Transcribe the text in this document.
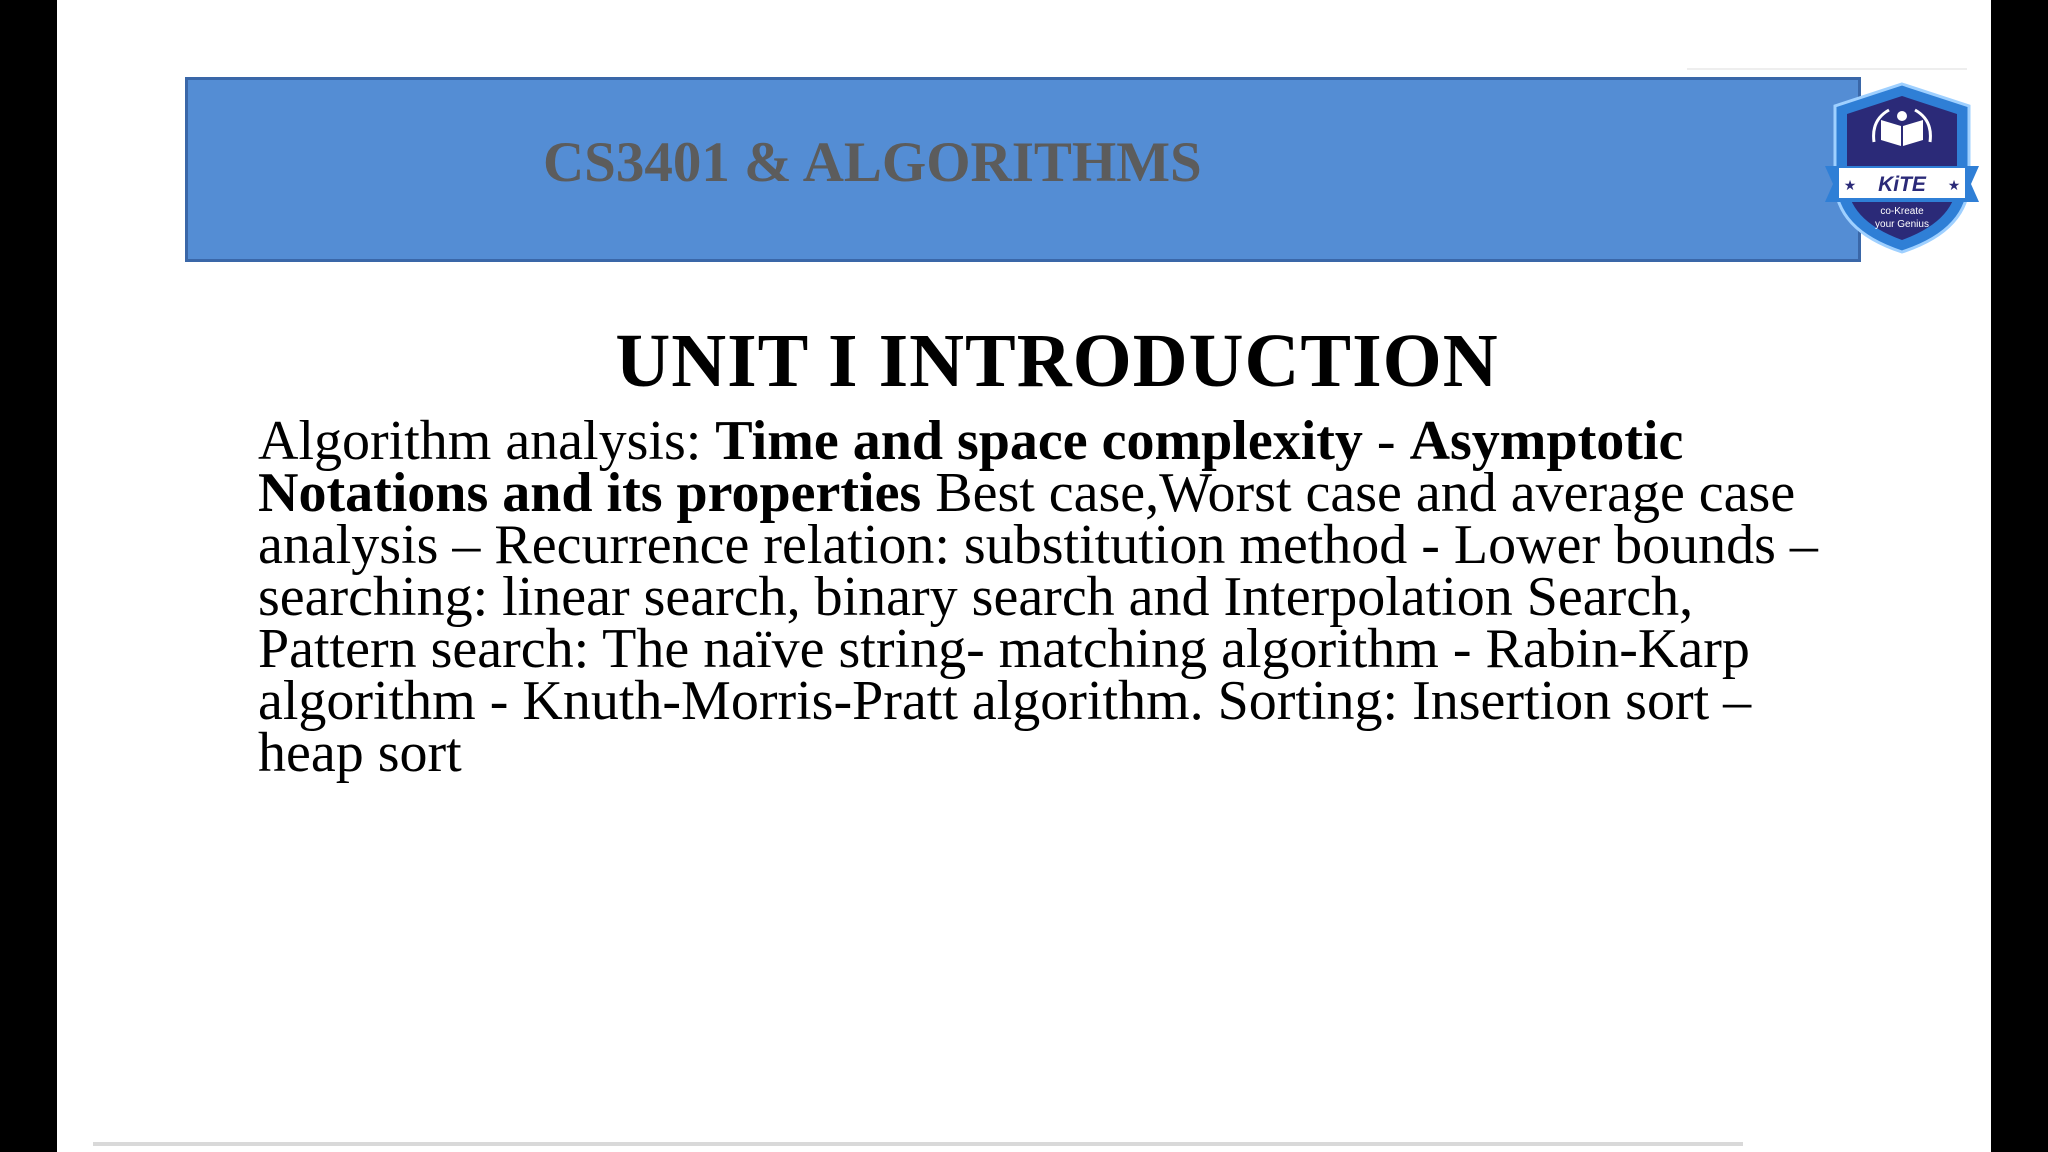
CS3401 & ALGORITHMS	KiTE
★	★
co-Kreate
your Genius
UNIT I INTRODUCTION
Algorithm analysis: Time and space complexity - Asymptotic Notations and its properties Best case,Worst case and average case analysis – Recurrence relation: substitution method - Lower bounds –searching: linear search, binary search and Interpolation Search, Pattern search: The naïve string- matching algorithm - Rabin-Karp algorithm - Knuth-Morris-Pratt algorithm. Sorting: Insertion sort – heap sort
